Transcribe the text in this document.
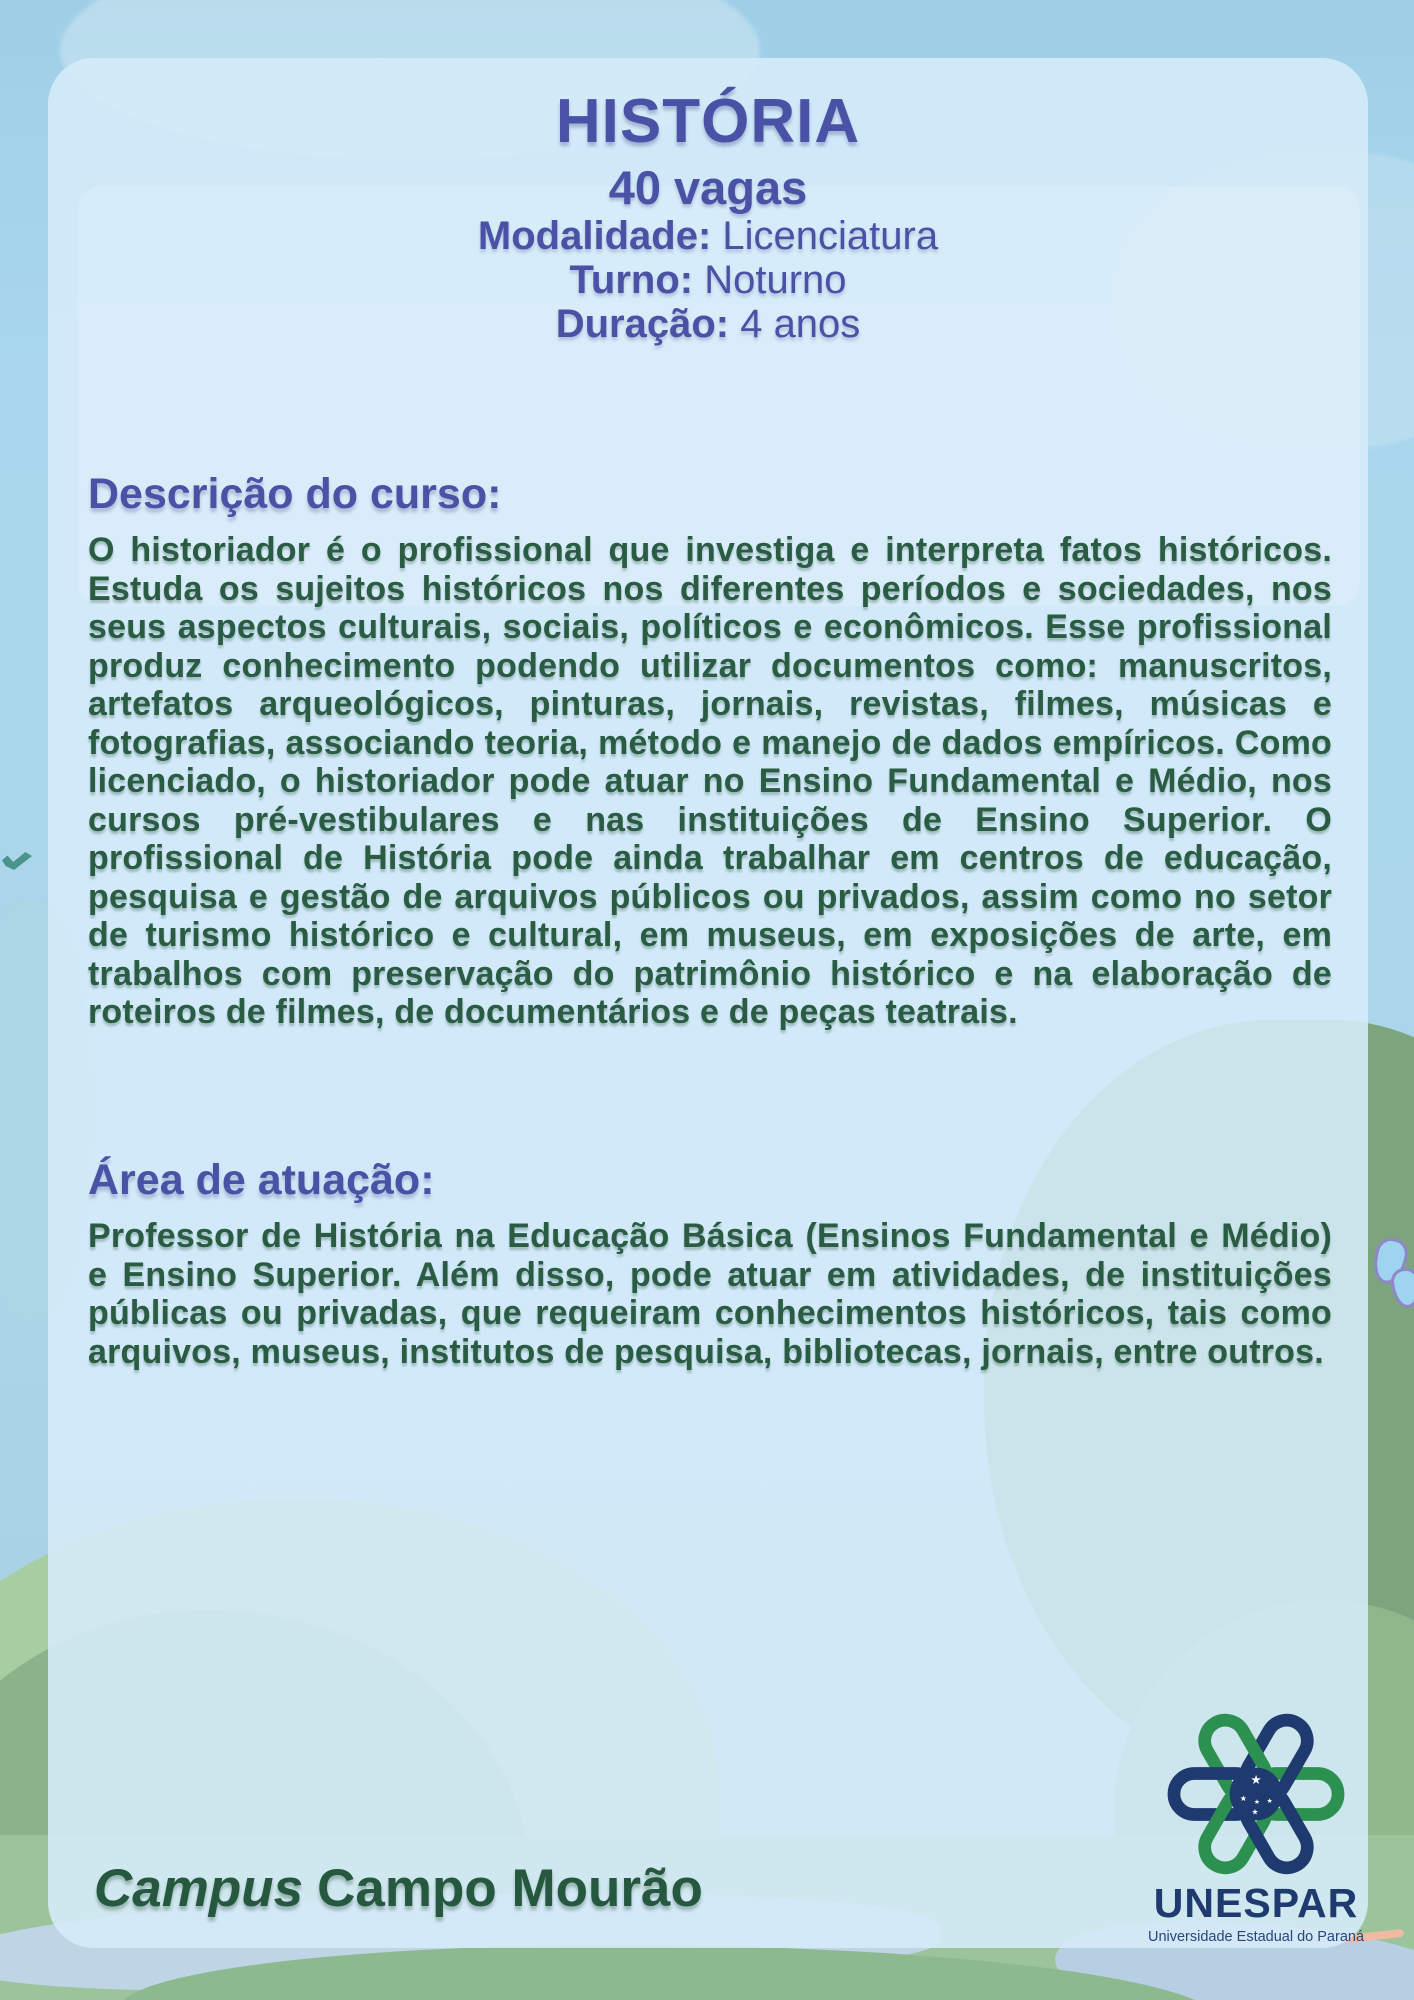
HISTÓRIA
40 vagas
Modalidade: Licenciatura
Turno: Noturno
Duração: 4 anos
Descrição do curso:

O historiador é o profissional que investiga e interpreta fatos históricos. Estuda os sujeitos históricos nos diferentes períodos e sociedades, nos seus aspectos culturais, sociais, políticos e econômicos. Esse profissional produz conhecimento podendo utilizar documentos como: manuscritos, artefatos arqueológicos, pinturas, jornais, revistas, filmes, músicas e fotografias, associando teoria, método e manejo de dados empíricos. Como licenciado, o historiador pode atuar no Ensino Fundamental e Médio, nos cursos pré-vestibulares e nas instituições de Ensino Superior. O profissional de História pode ainda trabalhar em centros de educação, pesquisa e gestão de arquivos públicos ou privados, assim como no setor de turismo histórico e cultural, em museus, em exposições de arte, em trabalhos com preservação do patrimônio histórico e na elaboração de roteiros de filmes, de documentários e de peças teatrais.

Área de atuação:

Professor de História na Educação Básica (Ensinos Fundamental e Médio) e Ensino Superior. Além disso, pode atuar em atividades, de instituições públicas ou privadas, que requeiram conhecimentos históricos, tais como arquivos, museus, institutos de pesquisa, bibliotecas, jornais, entre outros.

Campus Campo Mourão
★
★ ★ ★
★
UNESPAR
Universidade Estadual do Paraná
